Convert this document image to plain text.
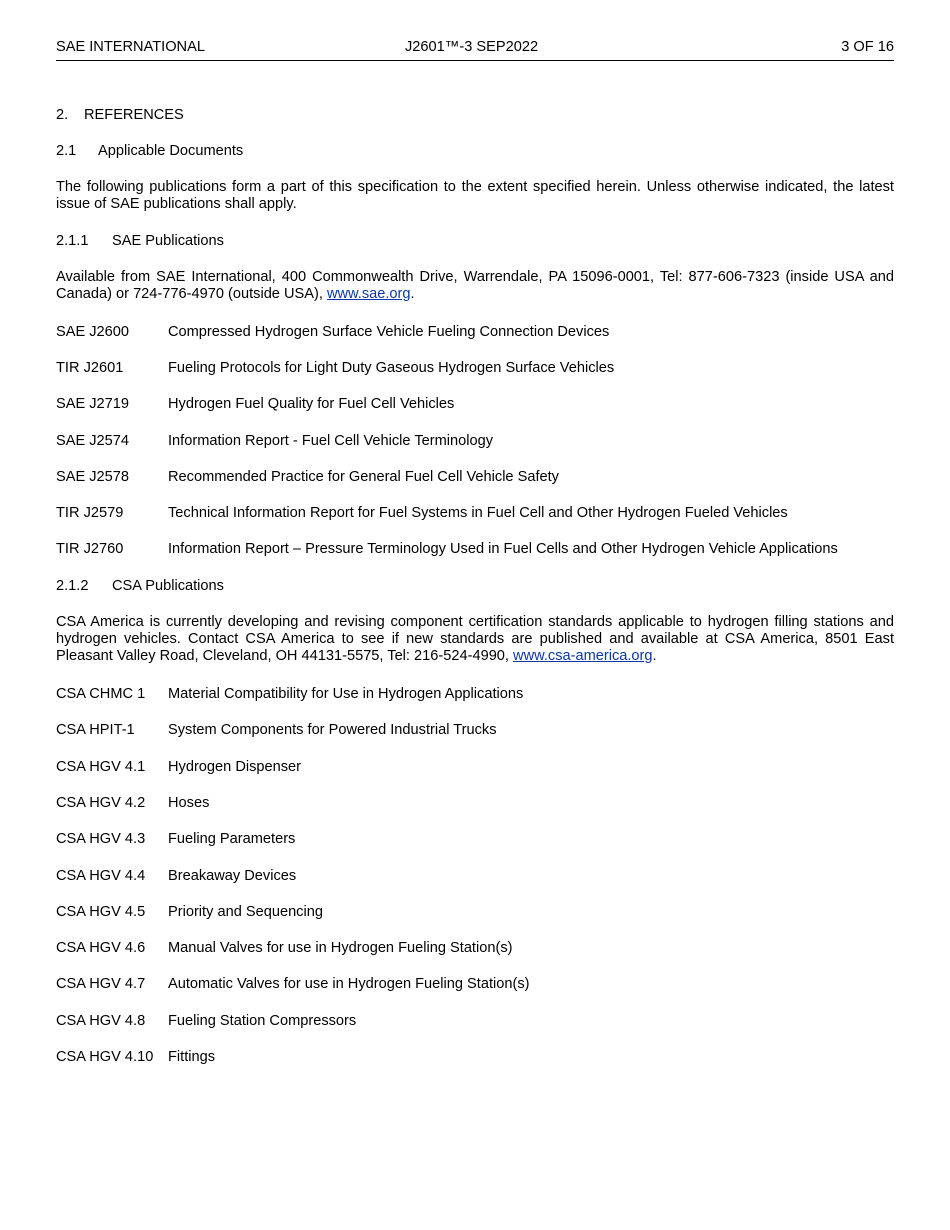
SAE INTERNATIONAL	J2601™-3 SEP2022	3 OF 16
2. REFERENCES
2.1 Applicable Documents
The following publications form a part of this specification to the extent specified herein. Unless otherwise indicated, the latest issue of SAE publications shall apply.
2.1.1 SAE Publications
Available from SAE International, 400 Commonwealth Drive, Warrendale, PA 15096-0001, Tel: 877-606-7323 (inside USA and Canada) or 724-776-4970 (outside USA), www.sae.org.
SAE J2600	Compressed Hydrogen Surface Vehicle Fueling Connection Devices
TIR J2601	Fueling Protocols for Light Duty Gaseous Hydrogen Surface Vehicles
SAE J2719	Hydrogen Fuel Quality for Fuel Cell Vehicles
SAE J2574	Information Report - Fuel Cell Vehicle Terminology
SAE J2578	Recommended Practice for General Fuel Cell Vehicle Safety
TIR J2579	Technical Information Report for Fuel Systems in Fuel Cell and Other Hydrogen Fueled Vehicles
TIR J2760	Information Report – Pressure Terminology Used in Fuel Cells and Other Hydrogen Vehicle Applications
2.1.2 CSA Publications
CSA America is currently developing and revising component certification standards applicable to hydrogen filling stations and hydrogen vehicles. Contact CSA America to see if new standards are published and available at CSA America, 8501 East Pleasant Valley Road, Cleveland, OH 44131-5575, Tel: 216-524-4990, www.csa-america.org.
CSA CHMC 1 Material Compatibility for Use in Hydrogen Applications
CSA HPIT-1 System Components for Powered Industrial Trucks
CSA HGV 4.1 Hydrogen Dispenser
CSA HGV 4.2 Hoses
CSA HGV 4.3 Fueling Parameters
CSA HGV 4.4 Breakaway Devices
CSA HGV 4.5 Priority and Sequencing
CSA HGV 4.6 Manual Valves for use in Hydrogen Fueling Station(s)
CSA HGV 4.7 Automatic Valves for use in Hydrogen Fueling Station(s)
CSA HGV 4.8 Fueling Station Compressors
CSA HGV 4.10 Fittings
